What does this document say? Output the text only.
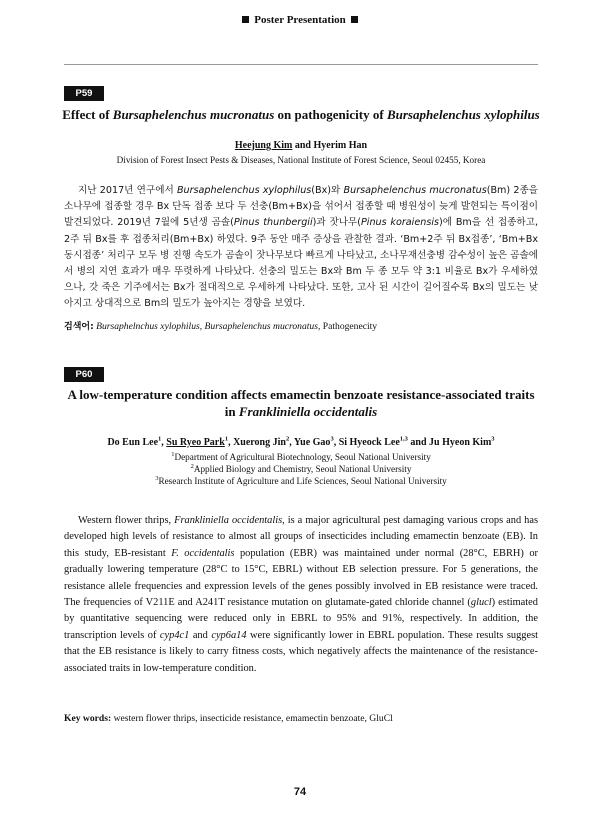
Poster Presentation
P59
Effect of Bursaphelenchus mucronatus on pathogenicity of Bursaphelenchus xylophilus
Heejung Kim and Hyerim Han
Division of Forest Insect Pests & Diseases, National Institute of Forest Science, Seoul 02455, Korea
지난 2017년 연구에서 Bursaphelenchus xylophilus(Bx)와 Bursaphelenchus mucronatus(Bm) 2종을 소나무에 접종할 경우 Bx 단독 접종 보다 두 선충(Bm+Bx)을 섞어서 접종할 때 병원성이 늦게 발현되는 특이점이 발견되었다. 2019년 7월에 5년생 곰솔(Pinus thunbergii)과 잣나무(Pinus koraiensis)에 Bm을 선 접종하고, 2주 뒤 Bx를 후 접종처리(Bm+Bx) 하였다. 9주 동안 매주 증상을 관찰한 결과. ‘Bm+2주 뒤 Bx접종’, ‘Bm+Bx 동시접종’ 처리구 모두 병 진행 속도가 곰솔이 잣나무보다 빠르게 나타났고, 소나무재선충병 감수성이 높은 곰솔에서 병의 지연 효과가 매우 뚜렷하게 나타났다. 선충의 밀도는 Bx와 Bm 두 종 모두 약 3:1 비율로 Bx가 우세하였으나, 갓 죽은 기주에서는 Bx가 절대적으로 우세하게 나타났다. 또한, 고사 된 시간이 길어질수록 Bx의 밀도는 낮아지고 상대적으로 Bm의 밀도가 높아지는 경향을 보였다.
검색어: Bursaphelnchus xylophilus, Bursaphelenchus mucronatus, Pathogenecity
P60
A low-temperature condition affects emamectin benzoate resistance-associated traits
in Frankliniella occidentalis
Do Eun Lee$^1$, Su Ryeo Park$^1$, Xuerong Jin$^2$, Yue Gao$^3$, Si Hyeock Lee$^{1,3}$ and Ju Hyeon Kim$^3$
$^1$Department of Agricultural Biotechnology, Seoul National University
$^2$Applied Biology and Chemistry, Seoul National University
$^3$Research Institute of Agriculture and Life Sciences, Seoul National University
Western flower thrips, Frankliniella occidentalis, is a major agricultural pest damaging various crops and has developed high levels of resistance to almost all groups of insecticides including emamectin benzoate (EB). In this study, EB-resistant F. occidentalis population (EBR) was maintained under normal (28°C, EBRH) or gradually lowering temperature (28°C to 15°C, EBRL) without EB selection pressure. For 5 generations, the resistance allele frequencies and expression levels of the genes possibly involved in EB resistance were traced. The frequencies of V211E and A241T resistance mutation on glutamate-gated chloride channel (glucl) estimated by quantitative sequencing were reduced only in EBRL to 95% and 91%, respectively. In addition, the transcription levels of cyp4c1 and cyp6a14 were significantly lower in EBRL population. These results suggest that the EB resistance is likely to carry fitness costs, which negatively affects the maintenance of the resistance-associated traits in low-temperature condition.
Key words: western flower thrips, insecticide resistance, emamectin benzoate, GluCl
74
